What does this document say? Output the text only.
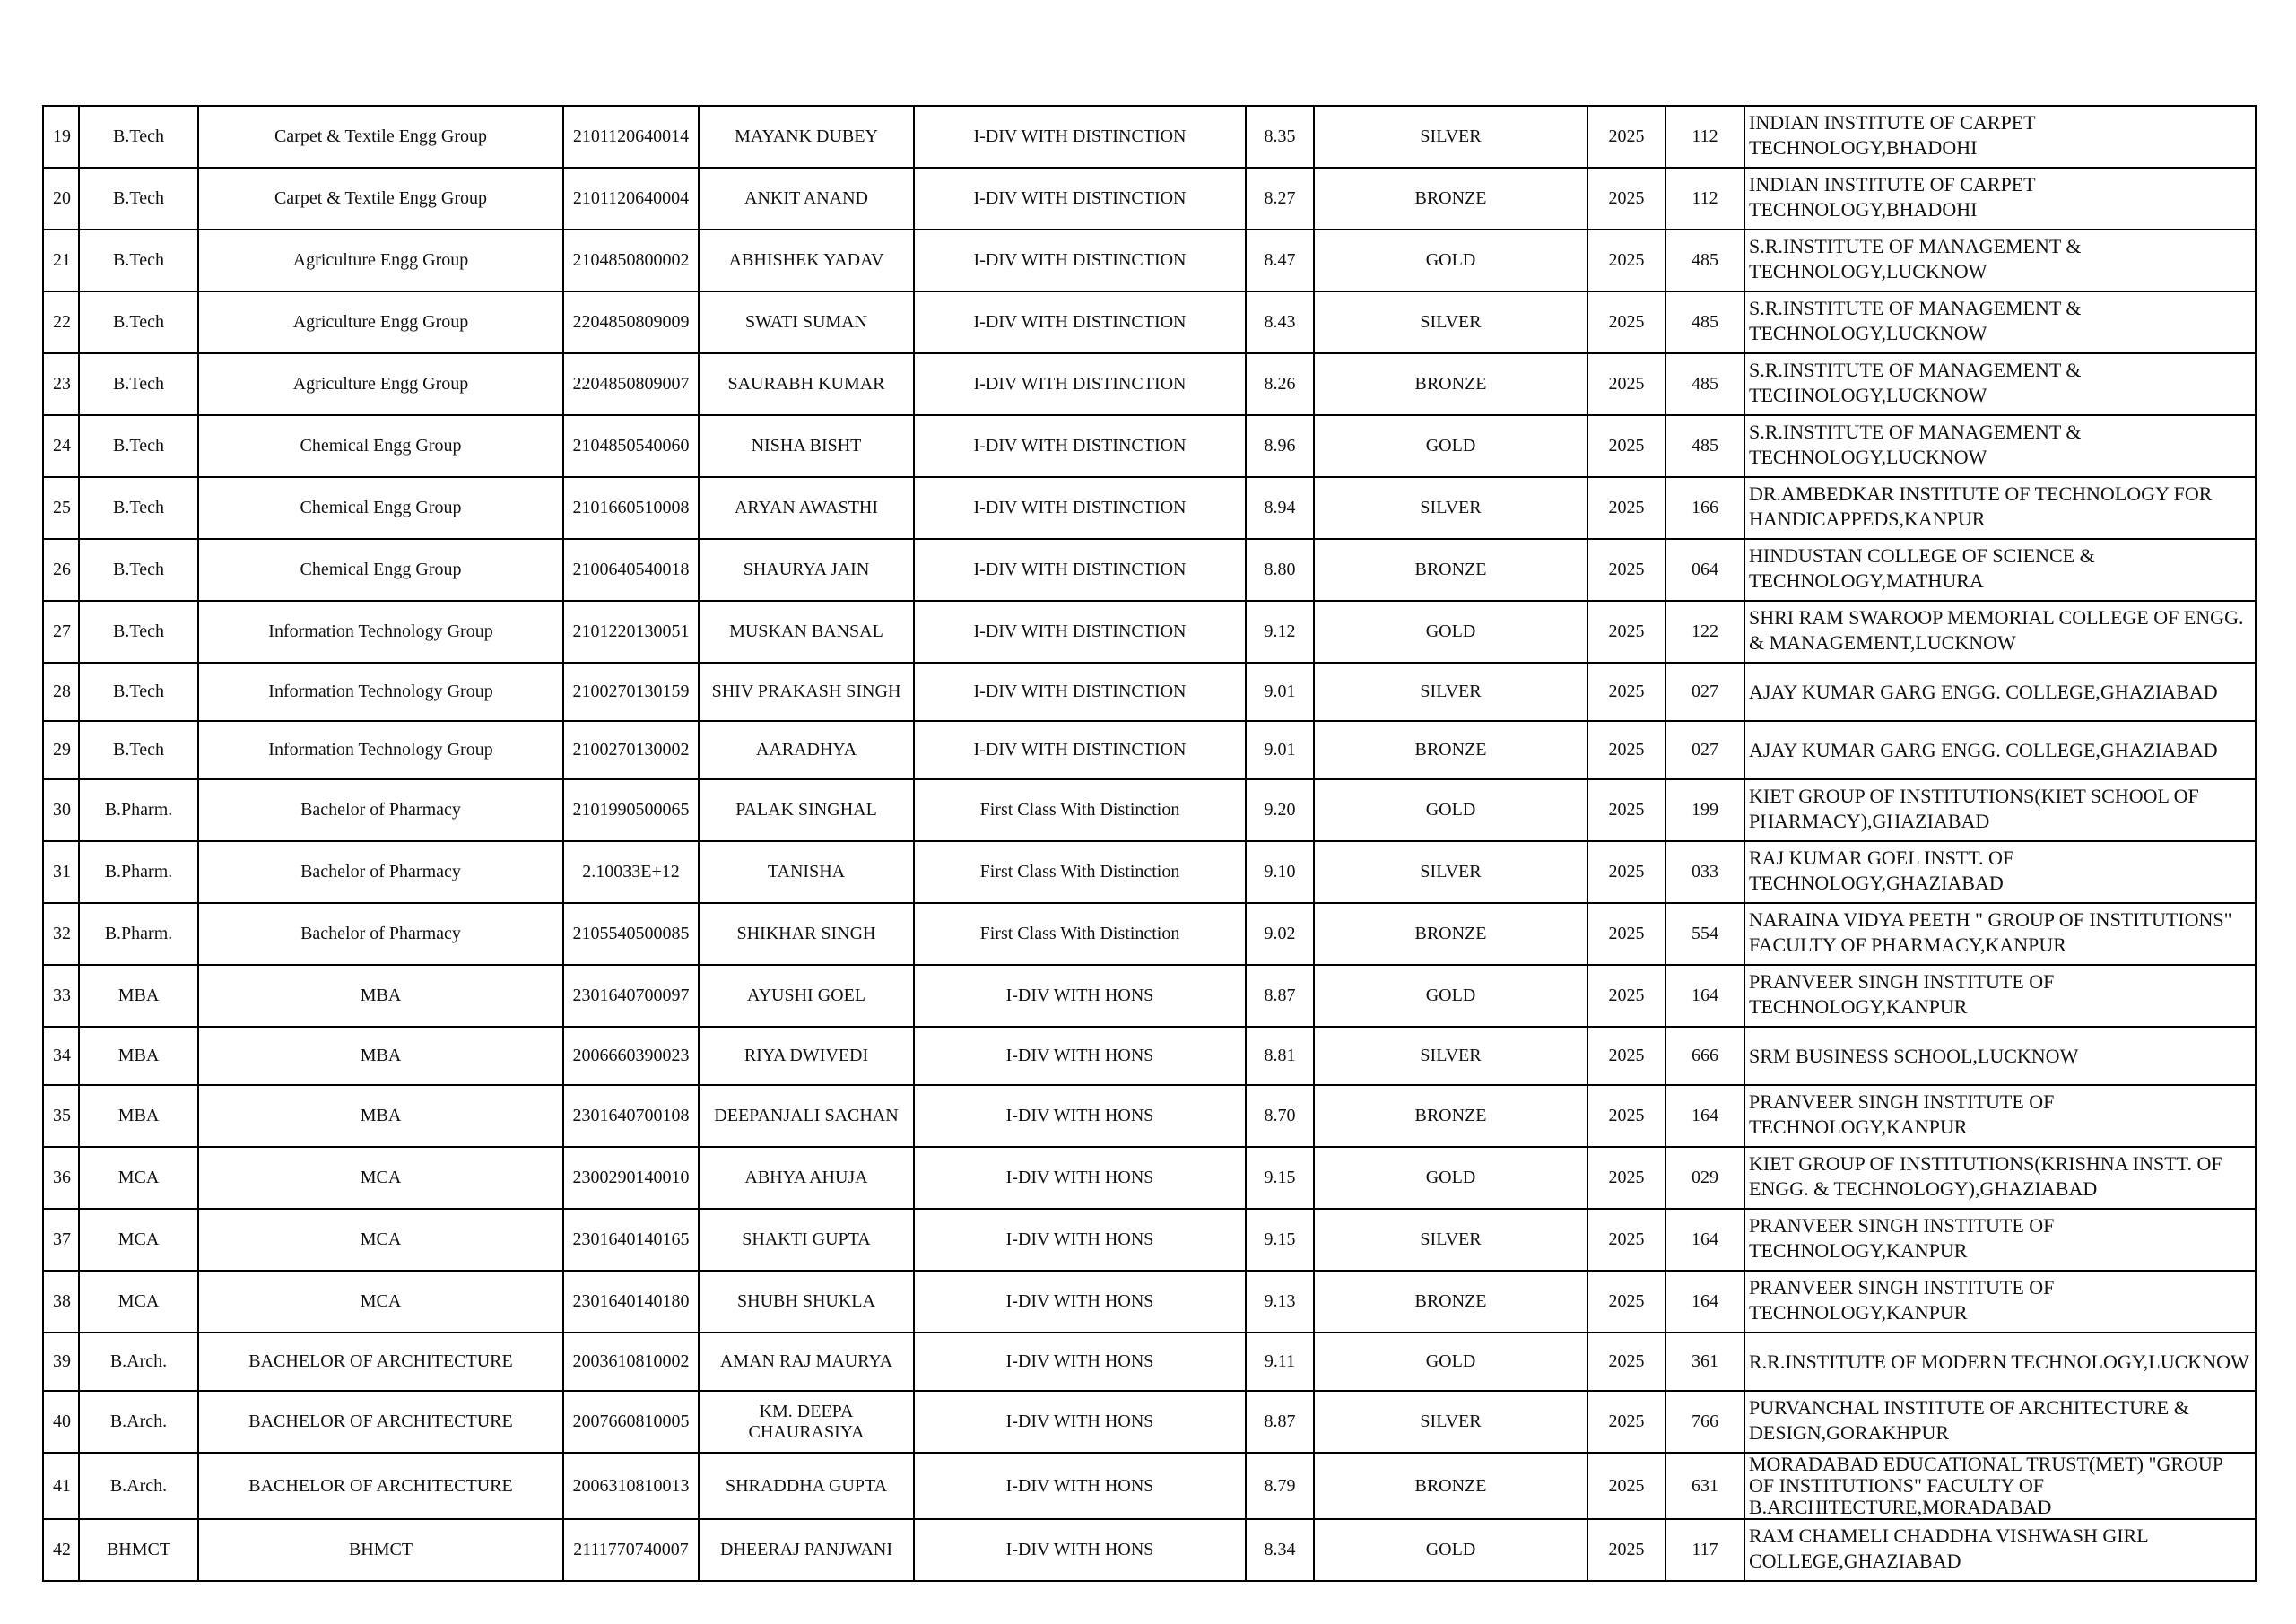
19	B.Tech	Carpet & Textile Engg Group	2101120640014	MAYANK DUBEY	I-DIV WITH DISTINCTION	8.35	SILVER	2025	112	INDIAN INSTITUTE OF CARPET TECHNOLOGY,BHADOHI
20	B.Tech	Carpet & Textile Engg Group	2101120640004	ANKIT ANAND	I-DIV WITH DISTINCTION	8.27	BRONZE	2025	112	INDIAN INSTITUTE OF CARPET TECHNOLOGY,BHADOHI
21	B.Tech	Agriculture Engg Group	2104850800002	ABHISHEK YADAV	I-DIV WITH DISTINCTION	8.47	GOLD	2025	485	S.R.INSTITUTE OF MANAGEMENT & TECHNOLOGY,LUCKNOW
22	B.Tech	Agriculture Engg Group	2204850809009	SWATI SUMAN	I-DIV WITH DISTINCTION	8.43	SILVER	2025	485	S.R.INSTITUTE OF MANAGEMENT & TECHNOLOGY,LUCKNOW
23	B.Tech	Agriculture Engg Group	2204850809007	SAURABH KUMAR	I-DIV WITH DISTINCTION	8.26	BRONZE	2025	485	S.R.INSTITUTE OF MANAGEMENT & TECHNOLOGY,LUCKNOW
24	B.Tech	Chemical Engg Group	2104850540060	NISHA BISHT	I-DIV WITH DISTINCTION	8.96	GOLD	2025	485	S.R.INSTITUTE OF MANAGEMENT & TECHNOLOGY,LUCKNOW
25	B.Tech	Chemical Engg Group	2101660510008	ARYAN AWASTHI	I-DIV WITH DISTINCTION	8.94	SILVER	2025	166	DR.AMBEDKAR INSTITUTE OF TECHNOLOGY FOR HANDICAPPEDS,KANPUR
26	B.Tech	Chemical Engg Group	2100640540018	SHAURYA JAIN	I-DIV WITH DISTINCTION	8.80	BRONZE	2025	064	HINDUSTAN COLLEGE OF SCIENCE & TECHNOLOGY,MATHURA
27	B.Tech	Information Technology Group	2101220130051	MUSKAN BANSAL	I-DIV WITH DISTINCTION	9.12	GOLD	2025	122	SHRI RAM SWAROOP MEMORIAL COLLEGE OF ENGG. & MANAGEMENT,LUCKNOW
28	B.Tech	Information Technology Group	2100270130159	SHIV PRAKASH SINGH	I-DIV WITH DISTINCTION	9.01	SILVER	2025	027	AJAY KUMAR GARG ENGG. COLLEGE,GHAZIABAD
29	B.Tech	Information Technology Group	2100270130002	AARADHYA	I-DIV WITH DISTINCTION	9.01	BRONZE	2025	027	AJAY KUMAR GARG ENGG. COLLEGE,GHAZIABAD
30	B.Pharm.	Bachelor of Pharmacy	2101990500065	PALAK SINGHAL	First Class With Distinction	9.20	GOLD	2025	199	KIET GROUP OF INSTITUTIONS(KIET SCHOOL OF PHARMACY),GHAZIABAD
31	B.Pharm.	Bachelor of Pharmacy	2.10033E+12	TANISHA	First Class With Distinction	9.10	SILVER	2025	033	RAJ KUMAR GOEL INSTT. OF TECHNOLOGY,GHAZIABAD
32	B.Pharm.	Bachelor of Pharmacy	2105540500085	SHIKHAR SINGH	First Class With Distinction	9.02	BRONZE	2025	554	NARAINA VIDYA PEETH " GROUP OF INSTITUTIONS" FACULTY OF PHARMACY,KANPUR
33	MBA	MBA	2301640700097	AYUSHI GOEL	I-DIV WITH HONS	8.87	GOLD	2025	164	PRANVEER SINGH INSTITUTE OF TECHNOLOGY,KANPUR
34	MBA	MBA	2006660390023	RIYA DWIVEDI	I-DIV WITH HONS	8.81	SILVER	2025	666	SRM BUSINESS SCHOOL,LUCKNOW
35	MBA	MBA	2301640700108	DEEPANJALI SACHAN	I-DIV WITH HONS	8.70	BRONZE	2025	164	PRANVEER SINGH INSTITUTE OF TECHNOLOGY,KANPUR
36	MCA	MCA	2300290140010	ABHYA AHUJA	I-DIV WITH HONS	9.15	GOLD	2025	029	KIET GROUP OF INSTITUTIONS(KRISHNA INSTT. OF ENGG. & TECHNOLOGY),GHAZIABAD
37	MCA	MCA	2301640140165	SHAKTI GUPTA	I-DIV WITH HONS	9.15	SILVER	2025	164	PRANVEER SINGH INSTITUTE OF TECHNOLOGY,KANPUR
38	MCA	MCA	2301640140180	SHUBH SHUKLA	I-DIV WITH HONS	9.13	BRONZE	2025	164	PRANVEER SINGH INSTITUTE OF TECHNOLOGY,KANPUR
39	B.Arch.	BACHELOR OF ARCHITECTURE	2003610810002	AMAN RAJ MAURYA	I-DIV WITH HONS	9.11	GOLD	2025	361	R.R.INSTITUTE OF MODERN TECHNOLOGY,LUCKNOW
40	B.Arch.	BACHELOR OF ARCHITECTURE	2007660810005	KM. DEEPA CHAURASIYA	I-DIV WITH HONS	8.87	SILVER	2025	766	PURVANCHAL INSTITUTE OF ARCHITECTURE & DESIGN,GORAKHPUR
41	B.Arch.	BACHELOR OF ARCHITECTURE	2006310810013	SHRADDHA GUPTA	I-DIV WITH HONS	8.79	BRONZE	2025	631	MORADABAD EDUCATIONAL TRUST(MET) "GROUP OF INSTITUTIONS" FACULTY OF B.ARCHITECTURE,MORADABAD
42	BHMCT	BHMCT	2111770740007	DHEERAJ PANJWANI	I-DIV WITH HONS	8.34	GOLD	2025	117	RAM CHAMELI CHADDHA VISHWASH GIRL COLLEGE,GHAZIABAD
